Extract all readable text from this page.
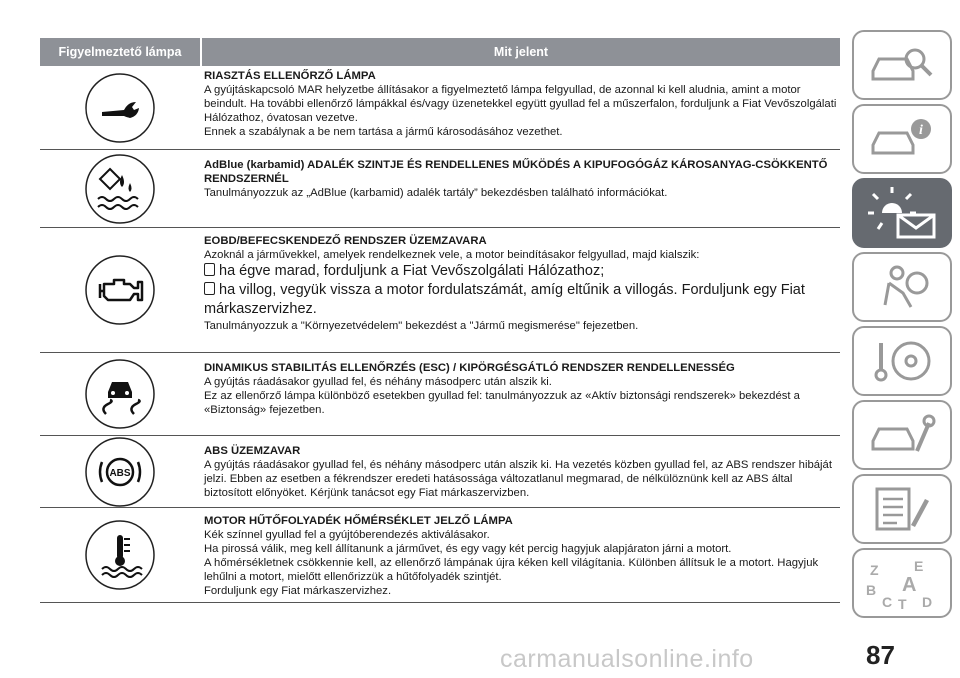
Figyelmeztető lámpa	Mit jelent

RIASZTÁS ELLENŐRZŐ LÁMPA

A gyújtáskapcsoló MAR helyzetbe állításakor a figyelmeztető lámpa felgyullad, de azonnal ki kell aludnia, amint a motor beindult. Ha további ellenőrző lámpákkal és/vagy üzenetekkel együtt gyullad fel a műszerfalon, forduljunk a Fiat Vevőszolgálati Hálózathoz, óvatosan vezetve.

Ennek a szabálynak a be nem tartása a jármű károsodásához vezethet.

AdBlue (karbamid) ADALÉK SZINTJE ÉS RENDELLENES MŰKÖDÉS A KIPUFOGÓGÁZ KÁROSANYAG-CSÖKKENTŐ RENDSZERNÉL

Tanulmányozzuk az „AdBlue (karbamid) adalék tartály” bekezdésben található információkat.

EOBD/BEFECSKENDEZŐ RENDSZER ÜZEMZAVARA

Azoknál a járművekkel, amelyek rendelkeznek vele, a motor beindításakor felgyullad, majd kialszik:

ha égve marad, forduljunk a Fiat Vevőszolgálati Hálózathoz;

ha villog, vegyük vissza a motor fordulatszámát, amíg eltűnik a villogás. Forduljunk egy Fiat márkaszervizhez.

Tanulmányozzuk a "Környezetvédelem" bekezdést a "Jármű megismerése" fejezetben.

DINAMIKUS STABILITÁS ELLENŐRZÉS (ESC) / KIPÖRGÉSGÁTLÓ RENDSZER RENDELLENESSÉG

A gyújtás ráadásakor gyullad fel, és néhány másodperc után alszik ki.

Ez az ellenőrző lámpa különböző esetekben gyullad fel: tanulmányozzuk az «Aktív biztonsági rendszerek» bekezdést a «Biztonság» fejezetben.

ABS

ABS ÜZEMZAVAR

A gyújtás ráadásakor gyullad fel, és néhány másodperc után alszik ki. Ha vezetés közben gyullad fel, az ABS rendszer hibáját jelzi. Ebben az esetben a fékrendszer eredeti hatásossága változatlanul megmarad, de nélkülöznünk kell az ABS által biztosított előnyöket. Kérjünk tanácsot egy Fiat márkaszervizben.

MOTOR HŰTŐFOLYADÉK HŐMÉRSÉKLET JELZŐ LÁMPA

Kék színnel gyullad fel a gyújtóberendezés aktiválásakor.

Ha pirossá válik, meg kell állítanunk a járművet, és egy vagy két percig hagyjuk alapjáraton járni a motort.

A hőmérsékletnek csökkennie kell, az ellenőrző lámpának újra kéken kell világítania. Különben állítsuk le a motort. Hagyjuk lehűlni a motort, mielőtt ellenőrizzük a hűtőfolyadék szintjét.

Forduljunk egy Fiat márkaszervizhez.

i
Z	E
B A
C T D
87
carmanualsonline.info
